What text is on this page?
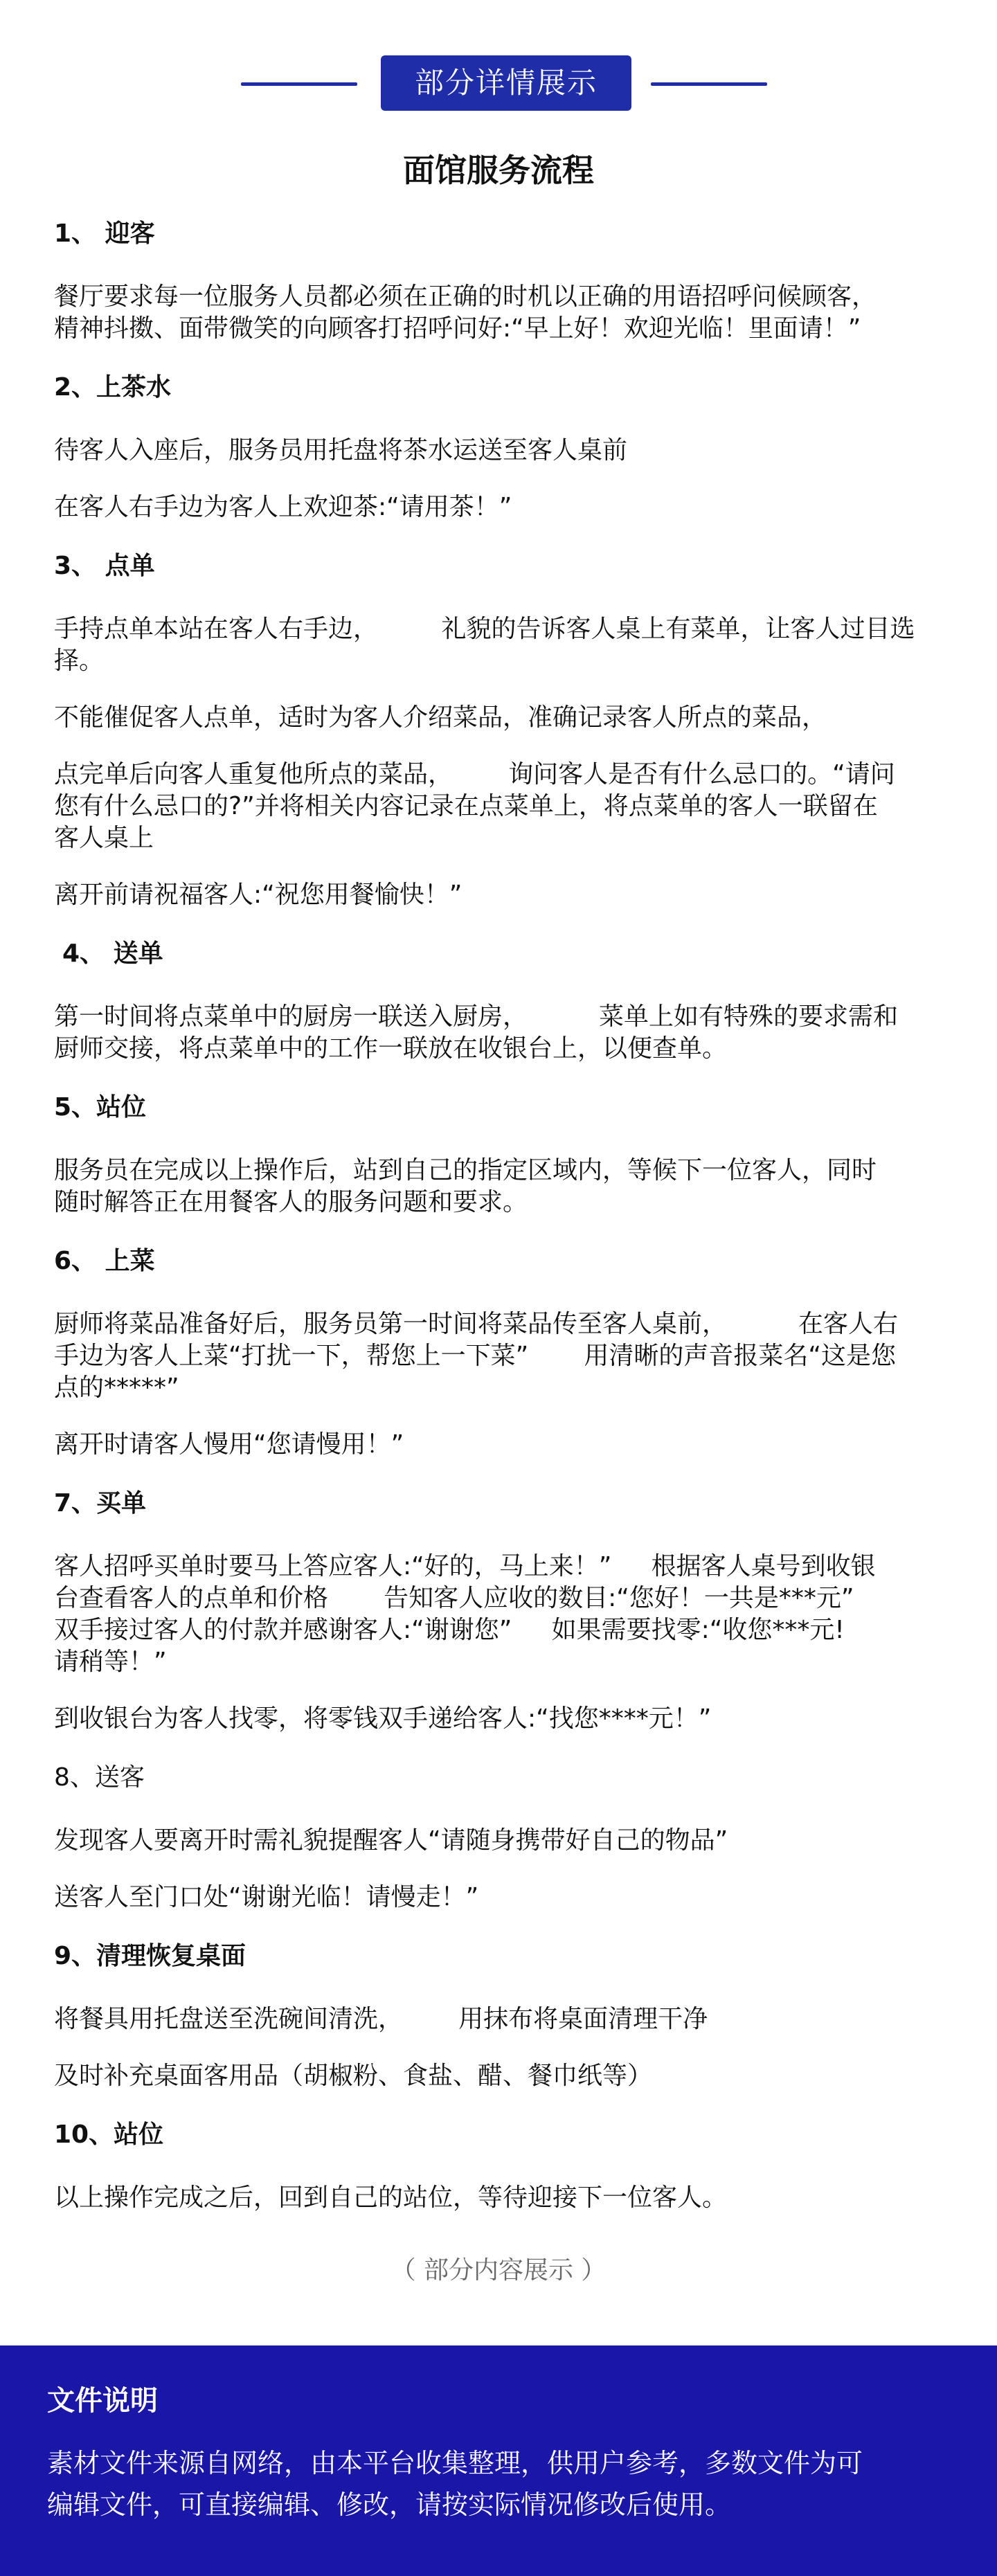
部分详情展示
面馆服务流程
1、 迎客
餐厅要求每一位服务人员都必须在正确的时机以正确的用语招呼问候顾客，
精神抖擞、面带微笑的向顾客打招呼问好:“早上好！欢迎光临！里面请！”
2、上茶水
待客人入座后，服务员用托盘将茶水运送至客人桌前
在客人右手边为客人上欢迎茶:“请用茶！”
3、 点单
手持点单本站在客人右手边，        礼貌的告诉客人桌上有菜单，让客人过目选
择。
不能催促客人点单，适时为客人介绍菜品，准确记录客人所点的菜品，
点完单后向客人重复他所点的菜品，       询问客人是否有什么忌口的。“请问
您有什么忌口的?”并将相关内容记录在点菜单上，将点菜单的客人一联留在
客人桌上
离开前请祝福客人:“祝您用餐愉快！”
4、 送单
第一时间将点菜单中的厨房一联送入厨房，         菜单上如有特殊的要求需和
厨师交接，将点菜单中的工作一联放在收银台上，以便查单。
5、站位
服务员在完成以上操作后，站到自己的指定区域内，等候下一位客人，同时
随时解答正在用餐客人的服务问题和要求。
6、 上菜
厨师将菜品准备好后，服务员第一时间将菜品传至客人桌前，         在客人右
手边为客人上菜“打扰一下，帮您上一下菜”       用清晰的声音报菜名“这是您
点的*****”
离开时请客人慢用“您请慢用！”
7、买单
客人招呼买单时要马上答应客人:“好的，马上来！”     根据客人桌号到收银
台查看客人的点单和价格       告知客人应收的数目:“您好！一共是***元”
双手接过客人的付款并感谢客人:“谢谢您”     如果需要找零:“收您***元!
请稍等！”
到收银台为客人找零，将零钱双手递给客人:“找您****元！”
8、送客
发现客人要离开时需礼貌提醒客人“请随身携带好自己的物品”
送客人至门口处“谢谢光临！请慢走！”
9、清理恢复桌面
将餐具用托盘送至洗碗间清洗，       用抹布将桌面清理干净
及时补充桌面客用品（胡椒粉、食盐、醋、餐巾纸等）
10、站位
以上操作完成之后，回到自己的站位，等待迎接下一位客人。
（ 部分内容展示 ）
文件说明
素材文件来源自网络，由本平台收集整理，供用户参考，多数文件为可
编辑文件，可直接编辑、修改，请按实际情况修改后使用。
